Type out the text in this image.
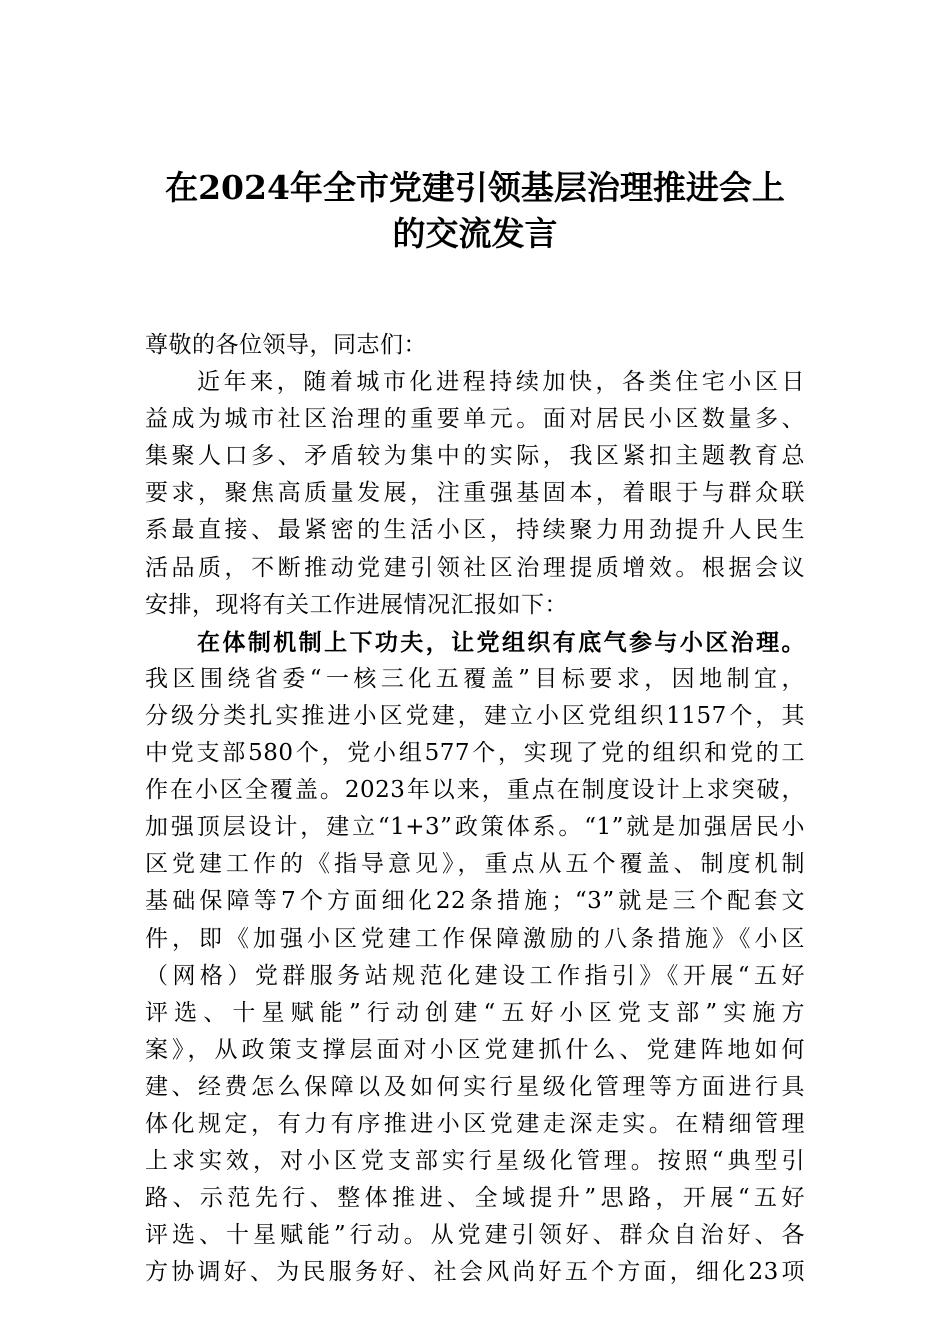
在2024年全市党建引领基层治理推进会上
的交流发言
尊敬的各位领导，同志们：
近年来，随着城市化进程持续加快，各类住宅小区日
益成为城市社区治理的重要单元。面对居民小区数量多、
集聚人口多、矛盾较为集中的实际，我区紧扣主题教育总
要求，聚焦高质量发展，注重强基固本，着眼于与群众联
系最直接、最紧密的生活小区，持续聚力用劲提升人民生
活品质，不断推动党建引领社区治理提质增效。根据会议
安排，现将有关工作进展情况汇报如下：
在体制机制上下功夫，让党组织有底气参与小区治理。
我区围绕省委“一核三化五覆盖”目标要求，因地制宜，
分级分类扎实推进小区党建，建立小区党组织1157个，其
中党支部580个，党小组577个，实现了党的组织和党的工
作在小区全覆盖。2023年以来，重点在制度设计上求突破，
加强顶层设计，建立“1+3”政策体系。“1”就是加强居民小
区党建工作的《指导意见》，重点从五个覆盖、制度机制
基础保障等7个方面细化22条措施；“3”就是三个配套文
件，即《加强小区党建工作保障激励的八条措施》《小区
（网格）党群服务站规范化建设工作指引》《开展“五好
评选、十星赋能”行动创建“五好小区党支部”实施方
案》，从政策支撑层面对小区党建抓什么、党建阵地如何
建、经费怎么保障以及如何实行星级化管理等方面进行具
体化规定，有力有序推进小区党建走深走实。在精细管理
上求实效，对小区党支部实行星级化管理。按照“典型引
路、示范先行、整体推进、全域提升”思路，开展“五好
评选、十星赋能”行动。从党建引领好、群众自治好、各
方协调好、为民服务好、社会风尚好五个方面，细化23项
